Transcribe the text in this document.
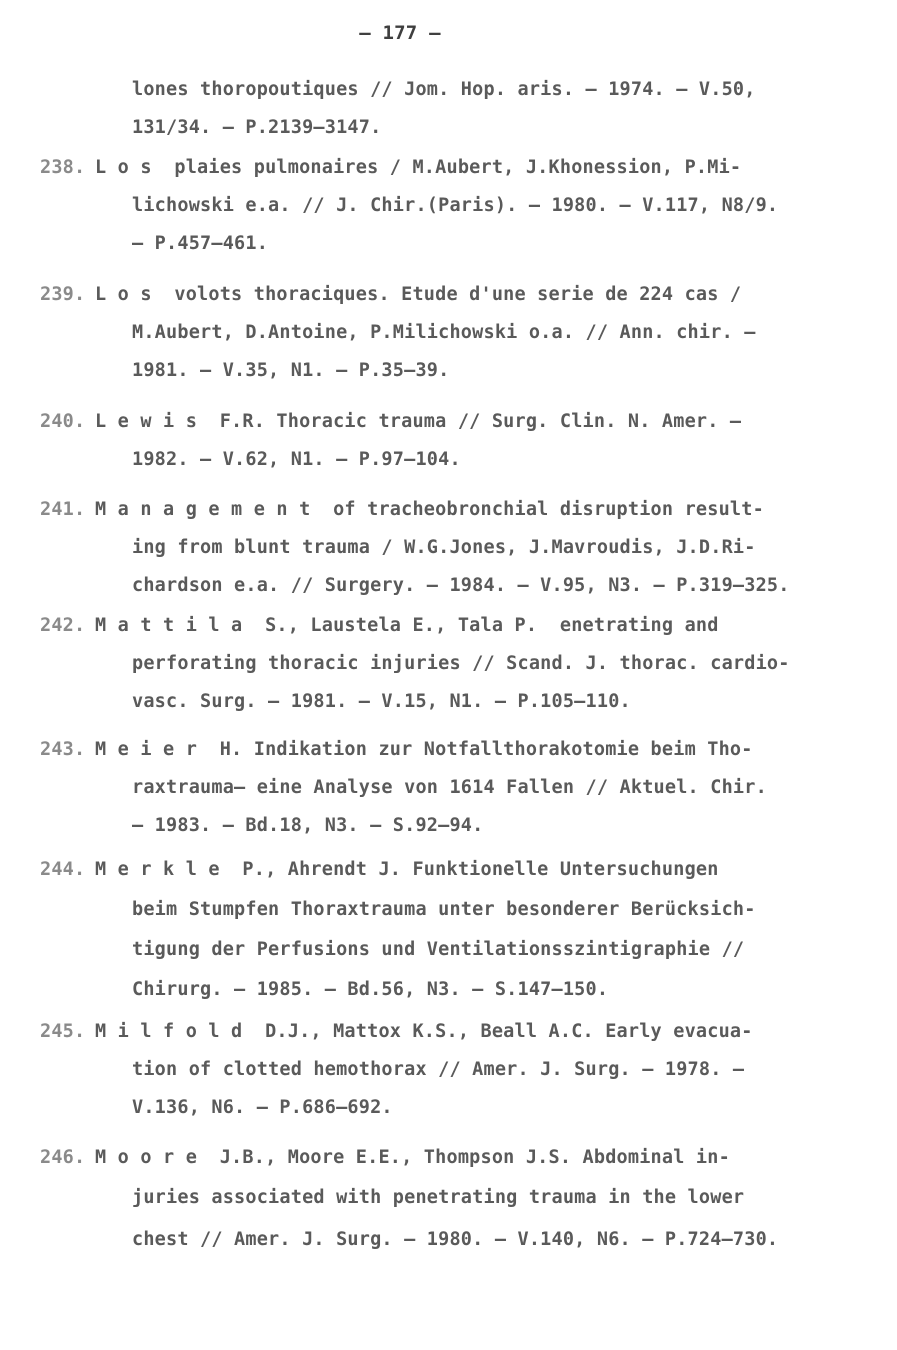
– 177 –
lones thoropoutiques // Jom. Hop. aris. – 1974. – V.50,
131/34. – P.2139–3147.
238. L o s  plaies pulmonaires / M.Aubert, J.Khonession, P.Mi-
lichowski e.a. // J. Chir.(Paris). – 1980. – V.117, N8/9.
– P.457–461.
239. L o s  volots thoraciques. Etude d'une serie de 224 cas /
M.Aubert, D.Antoine, P.Milichowski o.a. // Ann. chir. –
1981. – V.35, N1. – P.35–39.
240. L e w i s  F.R. Thoracic trauma // Surg. Clin. N. Amer. –
1982. – V.62, N1. – P.97–104.
241. M a n a g e m e n t  of tracheobronchial disruption result-
ing from blunt trauma / W.G.Jones, J.Mavroudis, J.D.Ri-
chardson e.a. // Surgery. – 1984. – V.95, N3. – P.319–325.
242. M a t t i l a  S., Laustela E., Tala P.  enetrating and
perforating thoracic injuries // Scand. J. thorac. cardio-
vasc. Surg. – 1981. – V.15, N1. – P.105–110.
243. M e i e r  H. Indikation zur Notfallthorakotomie beim Tho-
raxtrauma– eine Analyse von 1614 Fallen // Aktuel. Chir.
– 1983. – Bd.18, N3. – S.92–94.
244. M e r k l e  P., Ahrendt J. Funktionelle Untersuchungen
beim Stumpfen Thoraxtrauma unter besonderer Berücksich-
tigung der Perfusions und Ventilationsszintigraphie //
Chirurg. – 1985. – Bd.56, N3. – S.147–150.
245. M i l f o l d  D.J., Mattox K.S., Beall A.C. Early evacua-
tion of clotted hemothorax // Amer. J. Surg. – 1978. –
V.136, N6. – P.686–692.
246. M o o r e  J.B., Moore E.E., Thompson J.S. Abdominal in-
juries associated with penetrating trauma in the lower
chest // Amer. J. Surg. – 1980. – V.140, N6. – P.724–730.
